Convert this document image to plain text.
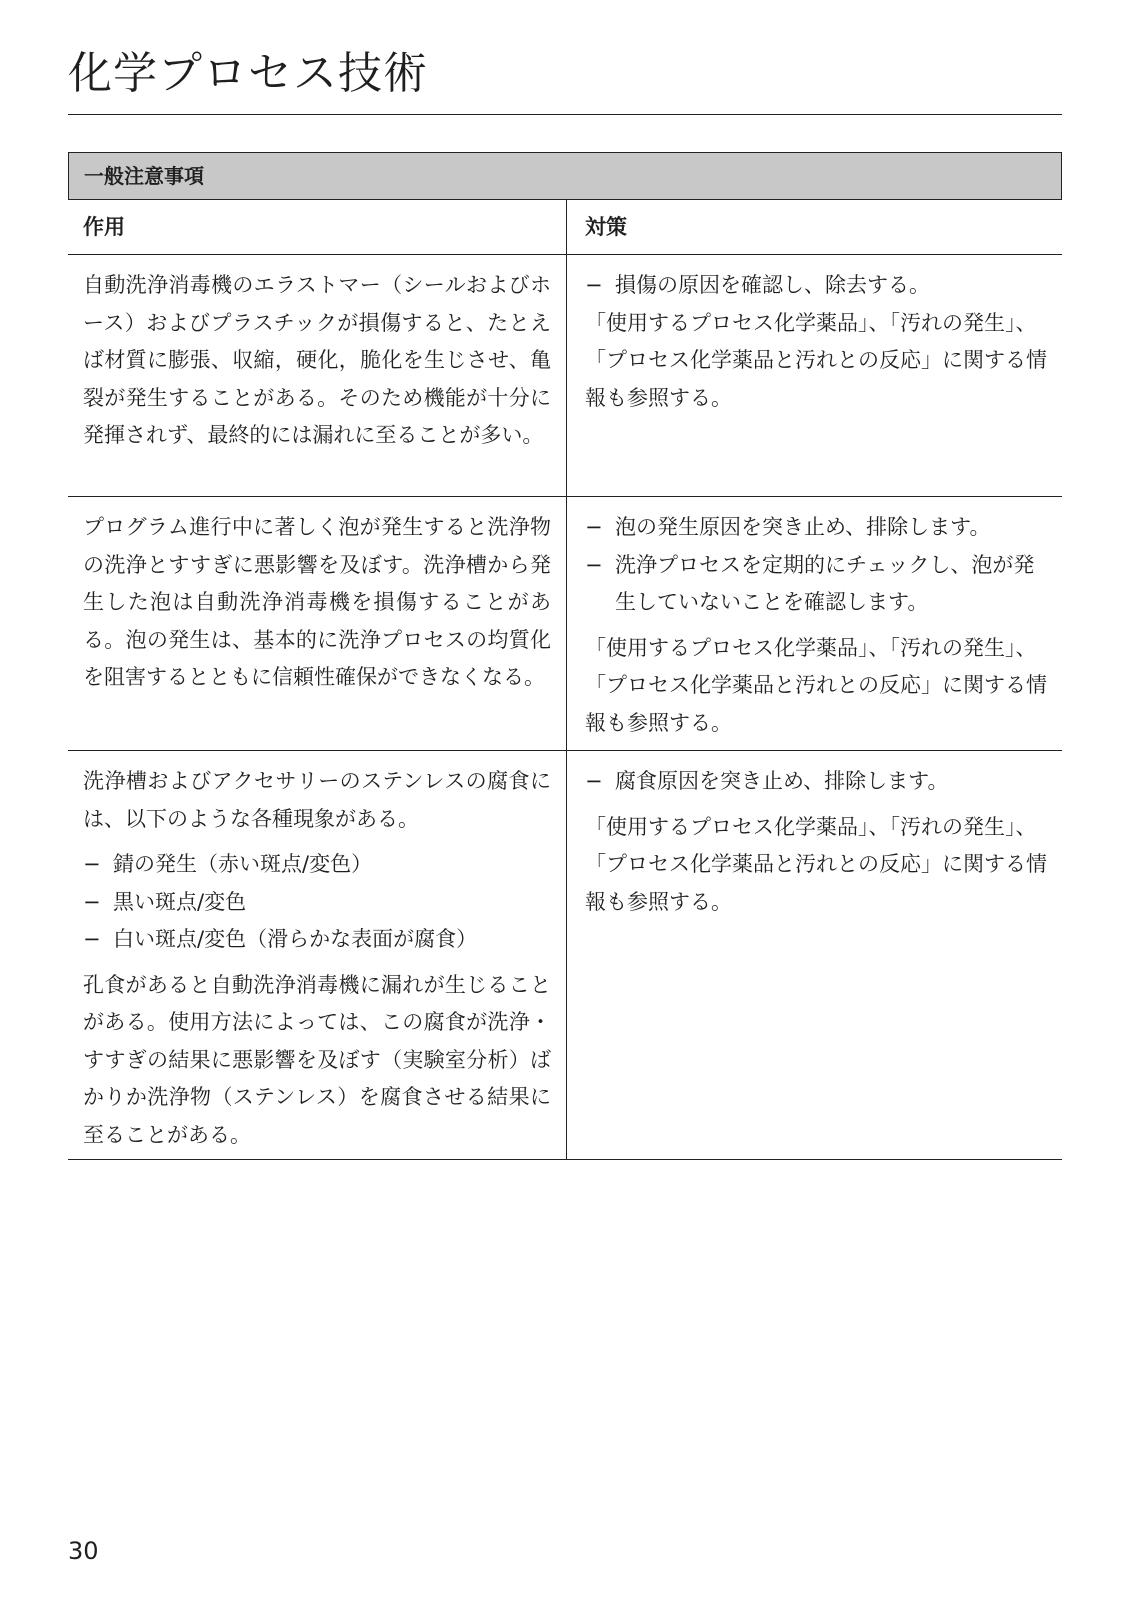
化学プロセス技術
一般注意事項
作用	対策

自動洗浄消毒機のエラストマー（シールおよびホース）およびプラスチックが損傷すると、たとえば材質に膨張、収縮，硬化，脆化を生じさせ、亀裂が発生することがある。そのため機能が十分に発揮されず、最終的には漏れに至ることが多い。

− 損傷の原因を確認し、除去する。

「使用するプロセス化学薬品」、「汚れの発生」、「プロセス化学薬品と汚れとの反応」に関する情報も参照する。

プログラム進行中に著しく泡が発生すると洗浄物の洗浄とすすぎに悪影響を及ぼす。洗浄槽から発生した泡は自動洗浄消毒機を損傷することがある。泡の発生は、基本的に洗浄プロセスの均質化を阻害するとともに信頼性確保ができなくなる。

− 泡の発生原因を突き止め、排除します。
− 洗浄プロセスを定期的にチェックし、泡が発生していないことを確認します。

「使用するプロセス化学薬品」、「汚れの発生」、「プロセス化学薬品と汚れとの反応」に関する情報も参照する。

洗浄槽およびアクセサリーのステンレスの腐食には、以下のような各種現象がある。

− 錆の発生（赤い斑点/変色）
− 黒い斑点/変色
− 白い斑点/変色（滑らかな表面が腐食）

孔食があると自動洗浄消毒機に漏れが生じることがある。使用方法によっては、この腐食が洗浄・すすぎの結果に悪影響を及ぼす（実験室分析）ばかりか洗浄物（ステンレス）を腐食させる結果に至ることがある。

− 腐食原因を突き止め、排除します。

「使用するプロセス化学薬品」、「汚れの発生」、「プロセス化学薬品と汚れとの反応」に関する情報も参照する。

30
